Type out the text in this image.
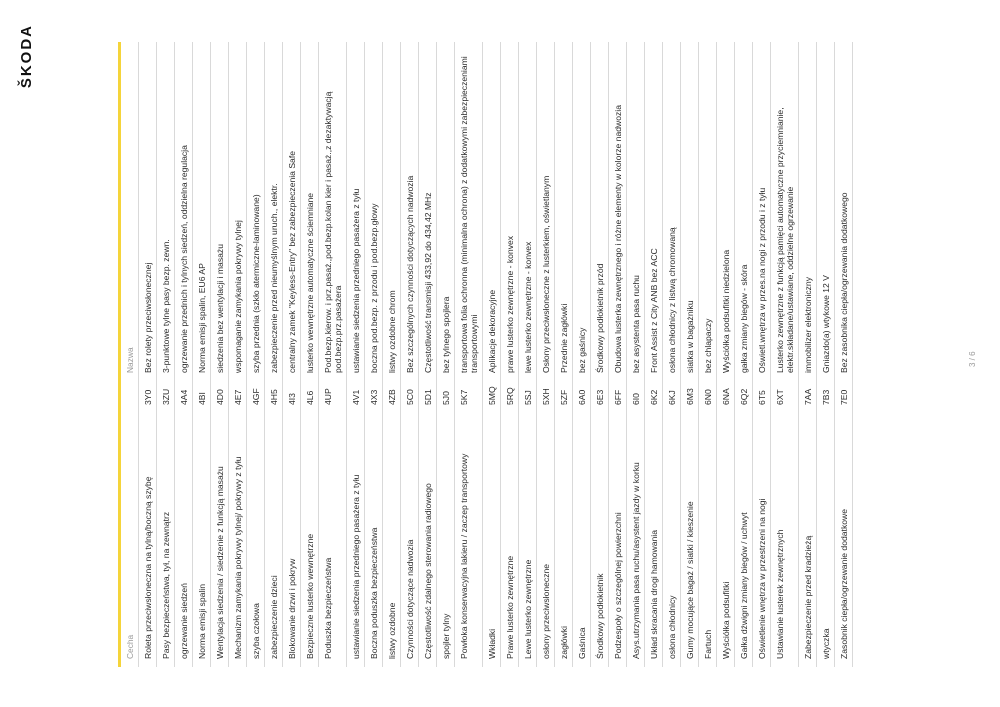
ŠKODA
Cecha
Nazwa
Roleta przeciwsłoneczna na tylną/boczną szybę
3Y0
Bez rolety przeciwsłonecznej
Pasy bezpieczeństwa, tył, na zewnątrz
3ZU
3-punktowe tylne pasy bezp. zewn.
ogrzewanie siedzeń
4A4
ogrzewanie przednich i tylnych siedzeń, oddzielna regulacja
Norma emisji spalin
4BI
Norma emisji spalin, EU6 AP
Wentylacja siedzenia / siedzenie z funkcją masażu
4D0
siedzenia bez wentylacji i masażu
Mechanizm zamykania pokrywy tylnej/ pokrywy z tyłu
4E7
wspomaganie zamykania pokrywy tylnej
szyba czołowa
4GF
szyba przednia (szkło atermiczne-laminowane)
zabezpieczenie dzieci
4H5
zabezpieczenie przed nieumyślnym uruch., elektr.
Blokowanie drzwi i pokryw
4I3
centralny zamek "Keyless-Entry" bez zabezpieczenia Safe
Bezpieczne lusterko wewnętrzne
4L6
lusterko wewnętrzne automatyczne ściemniane
Poduszka bezpieczeństwa
4UP
Pod.bezp.kierow. i prz.pasaż.,pod.bezp.kolan kier i pasaż.,z dezaktywacją pod.bezp.prz.pasażera
ustawianie siedzenia przedniego pasażera z tyłu
4V1
ustawianie siedzenia przedniego pasażera z tyłu
Boczna poduszka bezpieczeństwa
4X3
boczna pod.bezp. z przodu i pod.bezp.głowy
listwy ozdobne
4ZB
listwy ozdobne chrom
Czynności dotyczące nadwozia
5C0
Bez szczególnych czynności dotyczących nadwozia
Częstotliwość zdalnego sterowania radiowego
5D1
Częstotliwość transmisji 433,92 do 434,42 MHz
spojler tylny
5J0
bez tylnego spojlera
Powłoka konserwacyjna lakieru / zaczep transportowy
5K7
transportowa folia ochronna (minimalna ochrona) z dodatkowymi zabezpieczeniami transportowymi
Wkładki
5MQ
Aplikacje dekoracyjne
Prawe lusterko zewnętrzne
5RQ
prawe lusterko zewnętrzne - konvex
Lewe lusterko zewnętrzne
5SJ
lewe lusterko zewnętrzne - konvex
osłony przeciwsłoneczne
5XH
Osłony przeciwsłoneczne z lusterkiem, oświetlanym
zagłówki
5ZF
Przednie zagłówki
Gaśnica
6A0
bez gaśnicy
Środkowy podłokietnik
6E3
Środkowy podłokietnik przód
Podzespoły o szczególnej powierzchni
6FF
Obudowa lusterka zewnętrznego i różne elementy w kolorze nadwozia
Asys.utrzymania pasa ruchu/asystent jazdy w korku
6I0
bez asystenta pasa ruchu
Układ skracania drogi hamowania
6K2
Front Assist z City ANB bez ACC
osłona chłodnicy
6KJ
osłona chłodnicy z listwą chromowaną
Gumy mocujące bagaż / siatki / kieszenie
6M3
siatka w bagażniku
Fartuch
6N0
bez chlapaczy
Wyściółka podsufitki
6NA
Wyściółka podsufitki niedzielona
Gałka dźwigni zmiany biegów / uchwyt
6Q2
gałka zmiany biegów - skóra
Oświetlenie wnętrza w przestrzeni na nogi
6T5
Oświetl.wnętrza w przes.na nogi z przodu i z tyłu
Ustawianie lusterek zewnętrznych
6XT
Lusterko zewnętrzne z funkcją pamięci automatyczne przyciemnianie, elektr.składane/ustawiane, oddzielne ogrzewanie
Zabezpieczenie przed kradzieżą
7AA
immobilizer elektroniczny
wtyczka
7B3
Gniazdo(a) wtykowe 12 V
Zasobnik ciepła/ogrzewanie dodatkowe
7E0
Bez zasobnika ciepła/ogrzewania dodatkowego	3 / 6
